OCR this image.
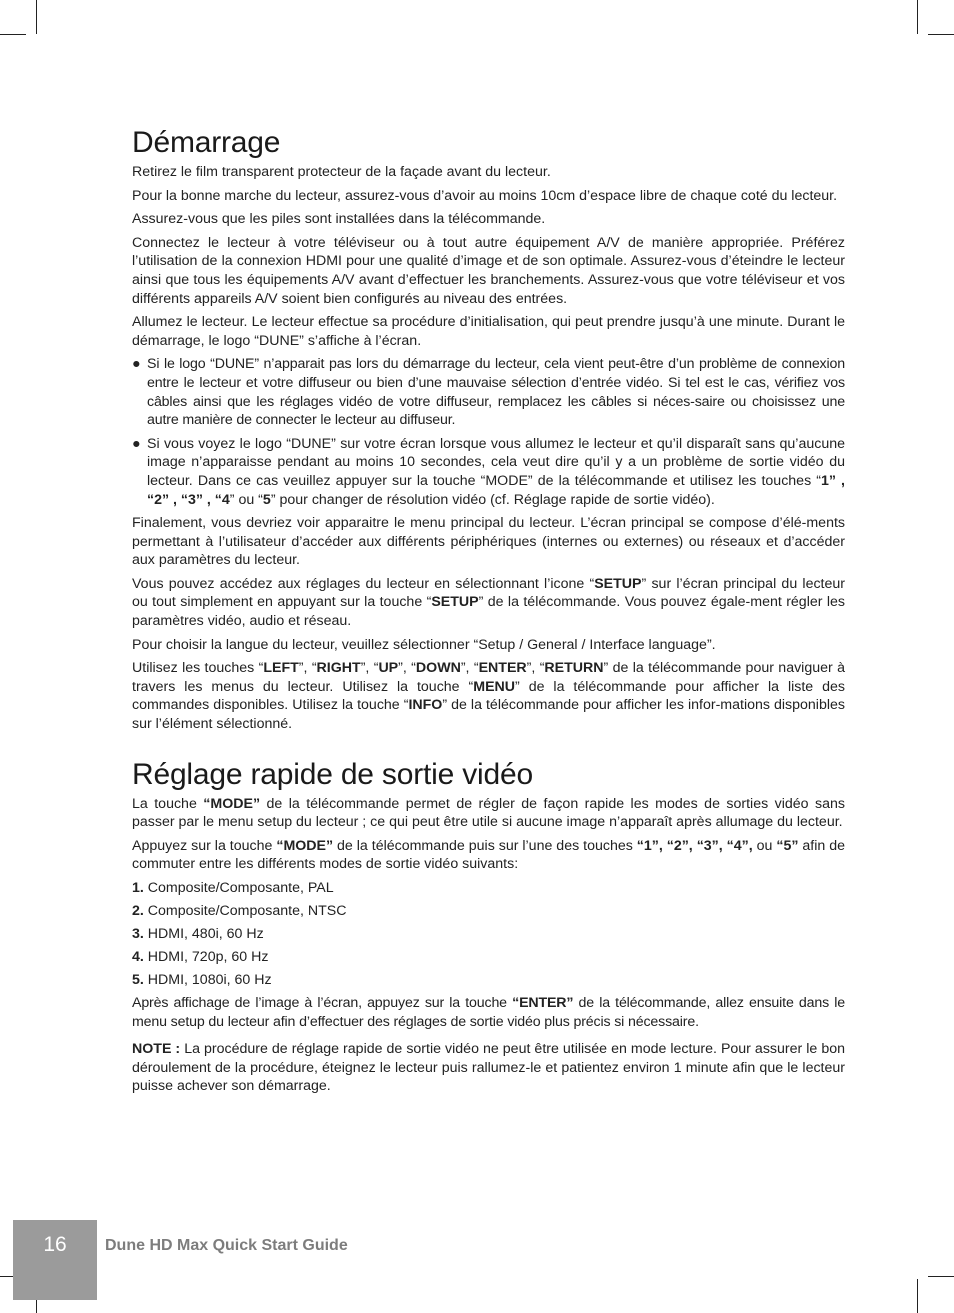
Démarrage

Retirez le film transparent protecteur de la façade avant du lecteur.

Pour la bonne marche du lecteur, assurez-vous d’avoir au moins 10cm d’espace libre de chaque coté du lecteur.

Assurez-vous que les piles sont installées dans la télécommande.

Connectez le lecteur à votre téléviseur ou à tout autre équipement A/V de manière appropriée. Préférez l’utilisation de la connexion HDMI pour une qualité d’image et de son optimale. Assurez-vous d’éteindre le lecteur ainsi que tous les équipements A/V avant d’effectuer les branchements. Assurez-vous que votre téléviseur et vos différents appareils A/V soient bien configurés au niveau des entrées.

Allumez le lecteur. Le lecteur effectue sa procédure d’initialisation, qui peut prendre jusqu’à une minute. Durant le démarrage, le logo “DUNE” s’affiche à l’écran.

● Si le logo “DUNE” n’apparait pas lors du démarrage du lecteur, cela vient peut-être d’un problème de connexion entre le lecteur et votre diffuseur ou bien d’une mauvaise sélection d’entrée vidéo. Si tel est le cas, vérifiez vos câbles ainsi que les réglages vidéo de votre diffuseur, remplacez les câbles si néces-saire ou choisissez une autre manière de connecter le lecteur au diffuseur.

● Si vous voyez le logo “DUNE” sur votre écran lorsque vous allumez le lecteur et qu’il disparaît sans qu’aucune image n’apparaisse pendant au moins 10 secondes, cela veut dire qu’il y a un problème de sortie vidéo du lecteur. Dans ce cas veuillez appuyer sur la touche “MODE” de la télécommande et utilisez les touches “1” , “2” , “3” , “4” ou “5” pour changer de résolution vidéo (cf. Réglage rapide de sortie vidéo).

Finalement, vous devriez voir apparaitre le menu principal du lecteur. L’écran principal se compose d’élé-ments permettant à l’utilisateur d’accéder aux différents périphériques (internes ou externes) ou réseaux et d’accéder aux paramètres du lecteur.

Vous pouvez accédez aux réglages du lecteur en sélectionnant l’icone “SETUP” sur l’écran principal du lecteur ou tout simplement en appuyant sur la touche “SETUP” de la télécommande. Vous pouvez égale-ment régler les paramètres vidéo, audio et réseau.

Pour choisir la langue du lecteur, veuillez sélectionner “Setup / General / Interface language”.

Utilisez les touches “LEFT”, “RIGHT”, “UP”, “DOWN”, “ENTER”, “RETURN” de la télécommande pour naviguer à travers les menus du lecteur. Utilisez la touche “MENU” de la télécommande pour afficher la liste des commandes disponibles. Utilisez la touche “INFO” de la télécommande pour afficher les infor-mations disponibles sur l’élément sélectionné.

Réglage rapide de sortie vidéo

La touche “MODE” de la télécommande permet de régler de façon rapide les modes de sorties vidéo sans passer par le menu setup du lecteur ; ce qui peut être utile si aucune image n’apparaît après allumage du lecteur.

Appuyez sur la touche “MODE” de la télécommande puis sur l’une des touches “1”, “2”, “3”, “4”, ou “5” afin de commuter entre les différents modes de sortie vidéo suivants:

1. Composite/Composante, PAL

2. Composite/Composante, NTSC

3. HDMI, 480i, 60 Hz

4. HDMI, 720p, 60 Hz

5. HDMI, 1080i, 60 Hz

Après affichage de l’image à l’écran, appuyez sur la touche “ENTER” de la télécommande, allez ensuite dans le menu setup du lecteur afin d’effectuer des réglages de sortie vidéo plus précis si nécessaire.

NOTE : La procédure de réglage rapide de sortie vidéo ne peut être utilisée en mode lecture. Pour assurer le bon déroulement de la procédure, éteignez le lecteur puis rallumez-le et patientez environ 1 minute afin que le lecteur puisse achever son démarrage.

16	Dune HD Max Quick Start Guide
